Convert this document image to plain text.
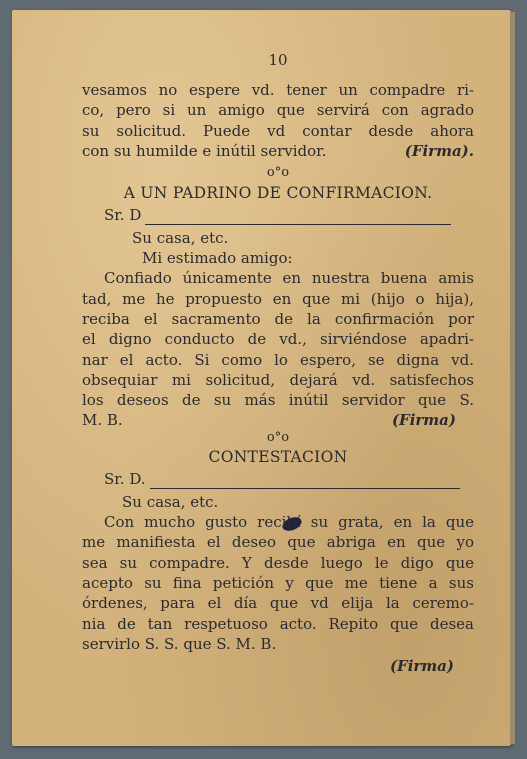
10
vesamos no espere vd. tener un compadre ri-
co, pero si un amigo que servirá con agrado
su solicitud. Puede vd contar desde ahora
con su humilde e inútil servidor.	(Firma).
o°o
A UN PADRINO DE CONFIRMACION.
Sr. D
Su casa, etc.
Mi estimado amigo:
Confiado únicamente en nuestra buena amis
tad, me he propuesto en que mi (hijo o hija),
reciba el sacramento de la confirmación por
el digno conducto de vd., sirviéndose apadri-
nar el acto. Si como lo espero, se digna vd.
obsequiar mi solicitud, dejará vd. satisfechos
los deseos de su más inútil servidor que S.
M. B.	(Firma)
o°o
CONTESTACION
Sr. D.
Su casa, etc.
Con mucho gusto recibí su grata, en la que
me manifiesta el deseo que abriga en que yo
sea su compadre. Y desde luego le digo que
acepto su fina petición y que me tiene a sus
órdenes, para el día que vd elija la ceremo-
nia de tan respetuoso acto. Repito que desea
servirlo S. S. que S. M. B.
(Firma)
